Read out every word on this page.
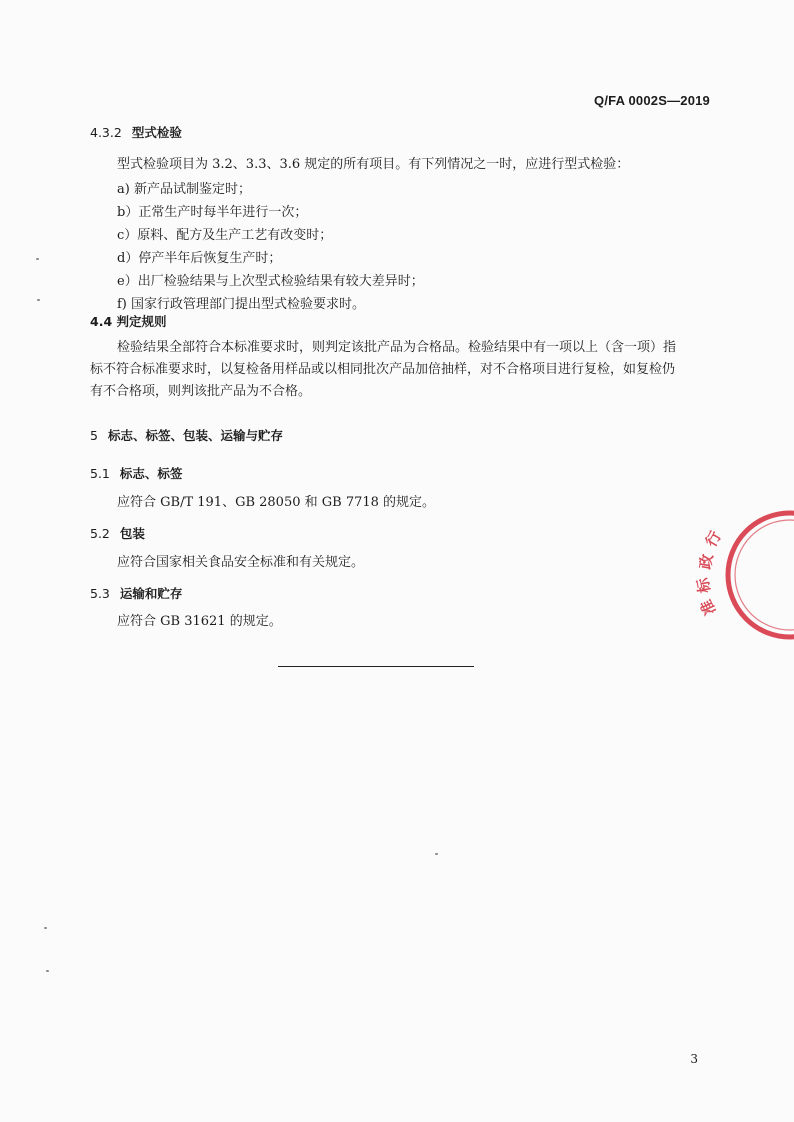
Q/FA 0002S—2019
4.3.2 型式检验
型式检验项目为 3.2、3.3、3.6 规定的所有项目。有下列情况之一时，应进行型式检验：
a) 新产品试制鉴定时；
b）正常生产时每半年进行一次；
c）原料、配方及生产工艺有改变时；
d）停产半年后恢复生产时；
e）出厂检验结果与上次型式检验结果有较大差异时；
f) 国家行政管理部门提出型式检验要求时。
4.4 判定规则
检验结果全部符合本标准要求时，则判定该批产品为合格品。检验结果中有一项以上（含一项）指
标不符合标准要求时，以复检备用样品或以相同批次产品加倍抽样，对不合格项目进行复检，如复检仍
有不合格项，则判该批产品为不合格。
5 标志、标签、包装、运输与贮存
5.1 标志、标签
应符合 GB/T 191、GB 28050 和 GB 7718 的规定。
5.2 包装
应符合国家相关食品安全标准和有关规定。
5.3 运输和贮存
应符合 GB 31621 的规定。
行
政
标
准
3
